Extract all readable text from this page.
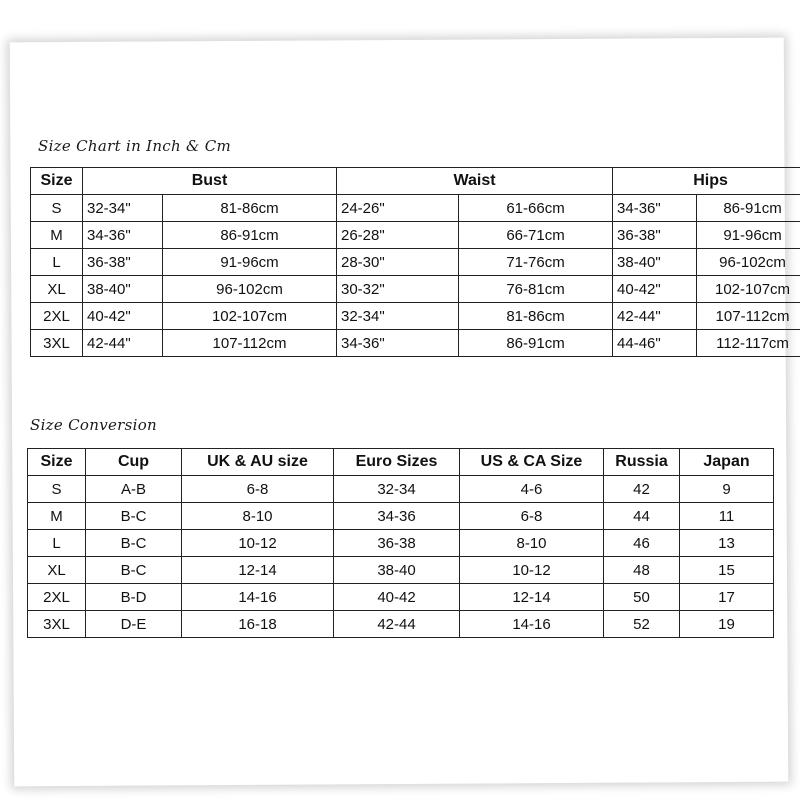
Size Chart in Inch & Cm
Size	Bust		Waist		Hips	
S	32-34"	81-86cm	24-26"	61-66cm	34-36"	86-91cm
M	34-36"	86-91cm	26-28"	66-71cm	36-38"	91-96cm
L	36-38"	91-96cm	28-30"	71-76cm	38-40"	96-102cm
XL	38-40"	96-102cm	30-32"	76-81cm	40-42"	102-107cm
2XL	40-42"	102-107cm	32-34"	81-86cm	42-44"	107-112cm
3XL	42-44"	107-112cm	34-36"	86-91cm	44-46"	112-117cm
Size Conversion
Size	Cup	UK & AU size	Euro Sizes	US & CA Size	Russia	Japan
S	A-B	6-8	32-34	4-6	42	9
M	B-C	8-10	34-36	6-8	44	11
L	B-C	10-12	36-38	8-10	46	13
XL	B-C	12-14	38-40	10-12	48	15
2XL	B-D	14-16	40-42	12-14	50	17
3XL	D-E	16-18	42-44	14-16	52	19
